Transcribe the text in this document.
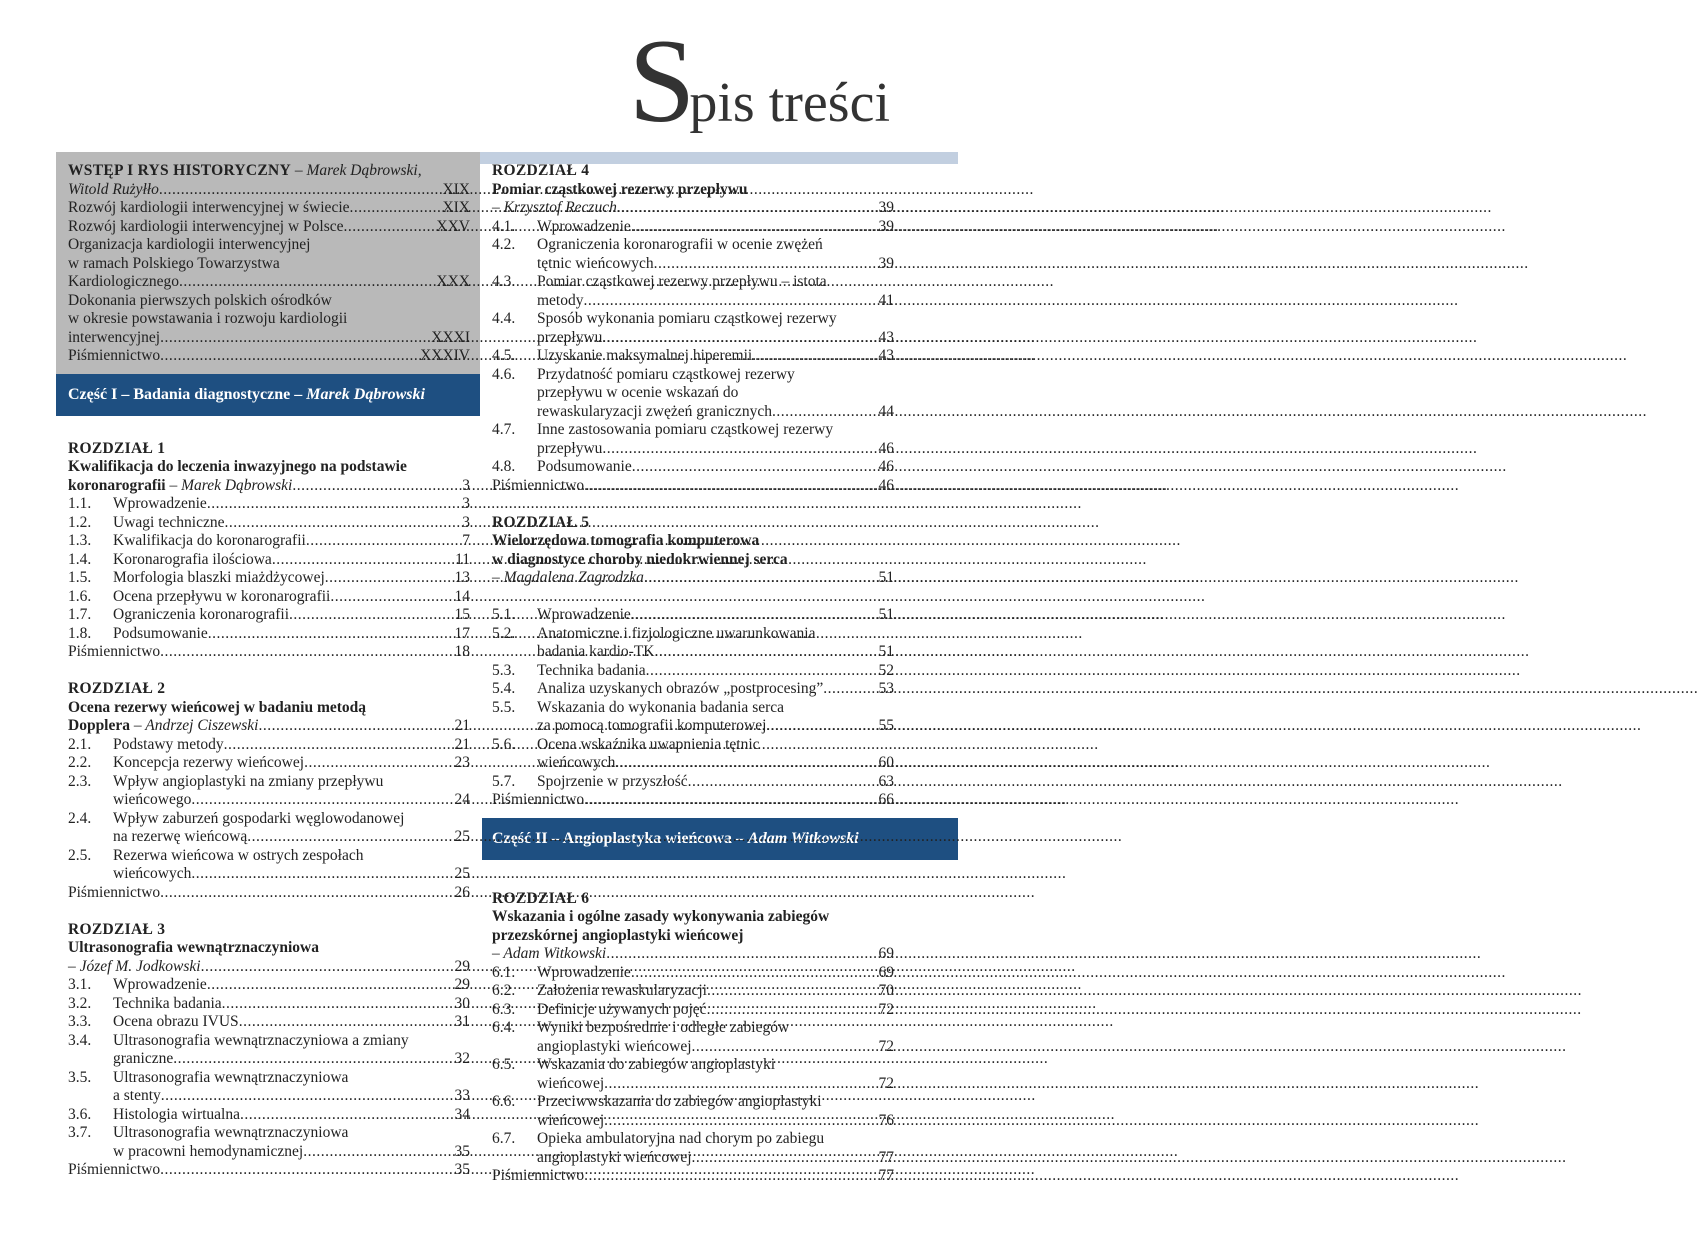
Spis treści
Część I – Badania diagnostyczne – Marek Dąbrowski
Część II – Angioplastyka wieńcowa – Adam Witkowski
WSTĘP I RYS HISTORYCZNY – Marek Dąbrowski,
Witold Rużyłło .....	XIX
Rozwój kardiologii interwencyjnej w świecie .....	XIX
Rozwój kardiologii interwencyjnej w Polsce .....	XXV
Organizacja kardiologii interwencyjnej
w ramach Polskiego Towarzystwa
Kardiologicznego .....	XXX
Dokonania pierwszych polskich ośrodków
w okresie powstawania i rozwoju kardiologii
interwencyjnej .....	XXXI
Piśmiennictwo .....	XXXIV
ROZDZIAŁ 1
Kwalifikacja do leczenia inwazyjnego na podstawie
koronarografii – Marek Dąbrowski .....	3
1.1. Wprowadzenie .....	3
1.2. Uwagi techniczne .....	3
1.3. Kwalifikacja do koronarografii .....	7
1.4. Koronarografia ilościowa .....	11
1.5. Morfologia blaszki miażdżycowej .....	13
1.6. Ocena przepływu w koronarografii .....	14
1.7. Ograniczenia koronarografii .....	15
1.8. Podsumowanie .....	17
Piśmiennictwo .....	18
ROZDZIAŁ 2
Ocena rezerwy wieńcowej w badaniu metodą
Dopplera – Andrzej Ciszewski .....	21
2.1. Podstawy metody .....	21
2.2. Koncepcja rezerwy wieńcowej .....	23
2.3. Wpływ angioplastyki na zmiany przepływu
wieńcowego .....	24
2.4. Wpływ zaburzeń gospodarki węglowodanowej
na rezerwę wieńcową .....	25
2.5. Rezerwa wieńcowa w ostrych zespołach
wieńcowych .....	25
Piśmiennictwo .....	26
ROZDZIAŁ 3
Ultrasonografia wewnątrznaczyniowa
– Józef M. Jodkowski .....	29
3.1. Wprowadzenie .....	29
3.2. Technika badania .....	30
3.3. Ocena obrazu IVUS .....	31
3.4. Ultrasonografia wewnątrznaczyniowa a zmiany
graniczne .....	32
3.5. Ultrasonografia wewnątrznaczyniowa
a stenty .....	33
3.6. Histologia wirtualna .....	34
3.7. Ultrasonografia wewnątrznaczyniowa
w pracowni hemodynamicznej .....	35
Piśmiennictwo .....	35
ROZDZIAŁ 4
Pomiar cząstkowej rezerwy przepływu
– Krzysztof Reczuch .....	39
4.1. Wprowadzenie .....	39
4.2. Ograniczenia koronarografii w ocenie zwężeń
tętnic wieńcowych .....	39
4.3. Pomiar cząstkowej rezerwy przepływu – istota
metody .....	41
4.4. Sposób wykonania pomiaru cząstkowej rezerwy
przepływu .....	43
4.5. Uzyskanie maksymalnej hiperemii .....	43
4.6. Przydatność pomiaru cząstkowej rezerwy
przepływu w ocenie wskazań do
rewaskularyzacji zwężeń granicznych .....	44
4.7. Inne zastosowania pomiaru cząstkowej rezerwy
przepływu .....	46
4.8. Podsumowanie .....	46
Piśmiennictwo .....	46
ROZDZIAŁ 5
Wielorzędowa tomografia komputerowa
w diagnostyce choroby niedokrwiennej serca
– Magdalena Zagrodzka .....	51
5.1. Wprowadzenie .....	51
5.2. Anatomiczne i fizjologiczne uwarunkowania
badania kardio-TK .....	51
5.3. Technika badania .....	52
5.4. Analiza uzyskanych obrazów „postprocesing” .....	53
5.5. Wskazania do wykonania badania serca
za pomocą tomografii komputerowej .....	55
5.6. Ocena wskaźnika uwapnienia tętnic
wieńcowych .....	60
5.7. Spojrzenie w przyszłość .....	63
Piśmiennictwo .....	66
ROZDZIAŁ 6
Wskazania i ogólne zasady wykonywania zabiegów
przezskórnej angioplastyki wieńcowej
– Adam Witkowski .....	69
6.1. Wprowadzenie .....	69
6.2. Założenia rewaskularyzacji .....	70
6.3. Definicje używanych pojęć .....	72
6.4. Wyniki bezpośrednie i odległe zabiegów
angioplastyki wieńcowej .....	72
6.5. Wskazania do zabiegów angioplastyki
wieńcowej .....	72
6.6. Przeciwwskazania do zabiegów angioplastyki
wieńcowej .....	76
6.7. Opieka ambulatoryjna nad chorym po zabiegu
angioplastyki wieńcowej .....	77
Piśmiennictwo .....	77
